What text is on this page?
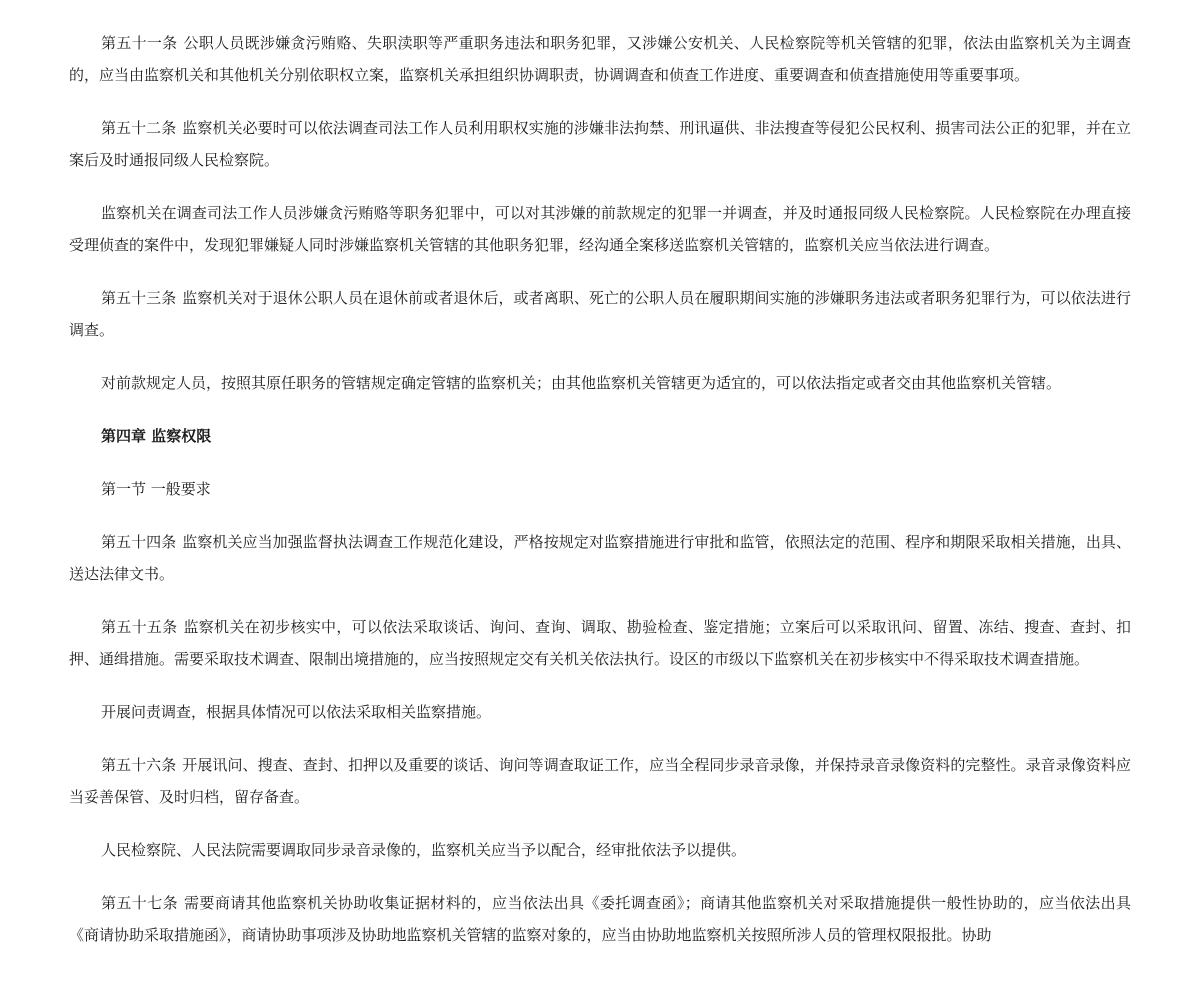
第五十一条 公职人员既涉嫌贪污贿赂、失职渎职等严重职务违法和职务犯罪，又涉嫌公安机关、人民检察院等机关管辖的犯罪，依法由监察机关为主调查的，应当由监察机关和其他机关分别依职权立案，监察机关承担组织协调职责，协调调查和侦查工作进度、重要调查和侦查措施使用等重要事项。

第五十二条 监察机关必要时可以依法调查司法工作人员利用职权实施的涉嫌非法拘禁、刑讯逼供、非法搜查等侵犯公民权利、损害司法公正的犯罪，并在立案后及时通报同级人民检察院。

监察机关在调查司法工作人员涉嫌贪污贿赂等职务犯罪中，可以对其涉嫌的前款规定的犯罪一并调查，并及时通报同级人民检察院。人民检察院在办理直接受理侦查的案件中，发现犯罪嫌疑人同时涉嫌监察机关管辖的其他职务犯罪，经沟通全案移送监察机关管辖的，监察机关应当依法进行调查。

第五十三条 监察机关对于退休公职人员在退休前或者退休后，或者离职、死亡的公职人员在履职期间实施的涉嫌职务违法或者职务犯罪行为，可以依法进行调查。

对前款规定人员，按照其原任职务的管辖规定确定管辖的监察机关；由其他监察机关管辖更为适宜的，可以依法指定或者交由其他监察机关管辖。

第四章 监察权限

第一节 一般要求

第五十四条 监察机关应当加强监督执法调查工作规范化建设，严格按规定对监察措施进行审批和监管，依照法定的范围、程序和期限采取相关措施，出具、送达法律文书。

第五十五条 监察机关在初步核实中，可以依法采取谈话、询问、查询、调取、勘验检查、鉴定措施；立案后可以采取讯问、留置、冻结、搜查、查封、扣押、通缉措施。需要采取技术调查、限制出境措施的，应当按照规定交有关机关依法执行。设区的市级以下监察机关在初步核实中不得采取技术调查措施。

开展问责调查，根据具体情况可以依法采取相关监察措施。

第五十六条 开展讯问、搜查、查封、扣押以及重要的谈话、询问等调查取证工作，应当全程同步录音录像，并保持录音录像资料的完整性。录音录像资料应当妥善保管、及时归档，留存备查。

人民检察院、人民法院需要调取同步录音录像的，监察机关应当予以配合，经审批依法予以提供。

第五十七条 需要商请其他监察机关协助收集证据材料的，应当依法出具《委托调查函》；商请其他监察机关对采取措施提供一般性协助的，应当依法出具《商请协助采取措施函》，商请协助事项涉及协助地监察机关管辖的监察对象的，应当由协助地监察机关按照所涉人员的管理权限报批。协助
